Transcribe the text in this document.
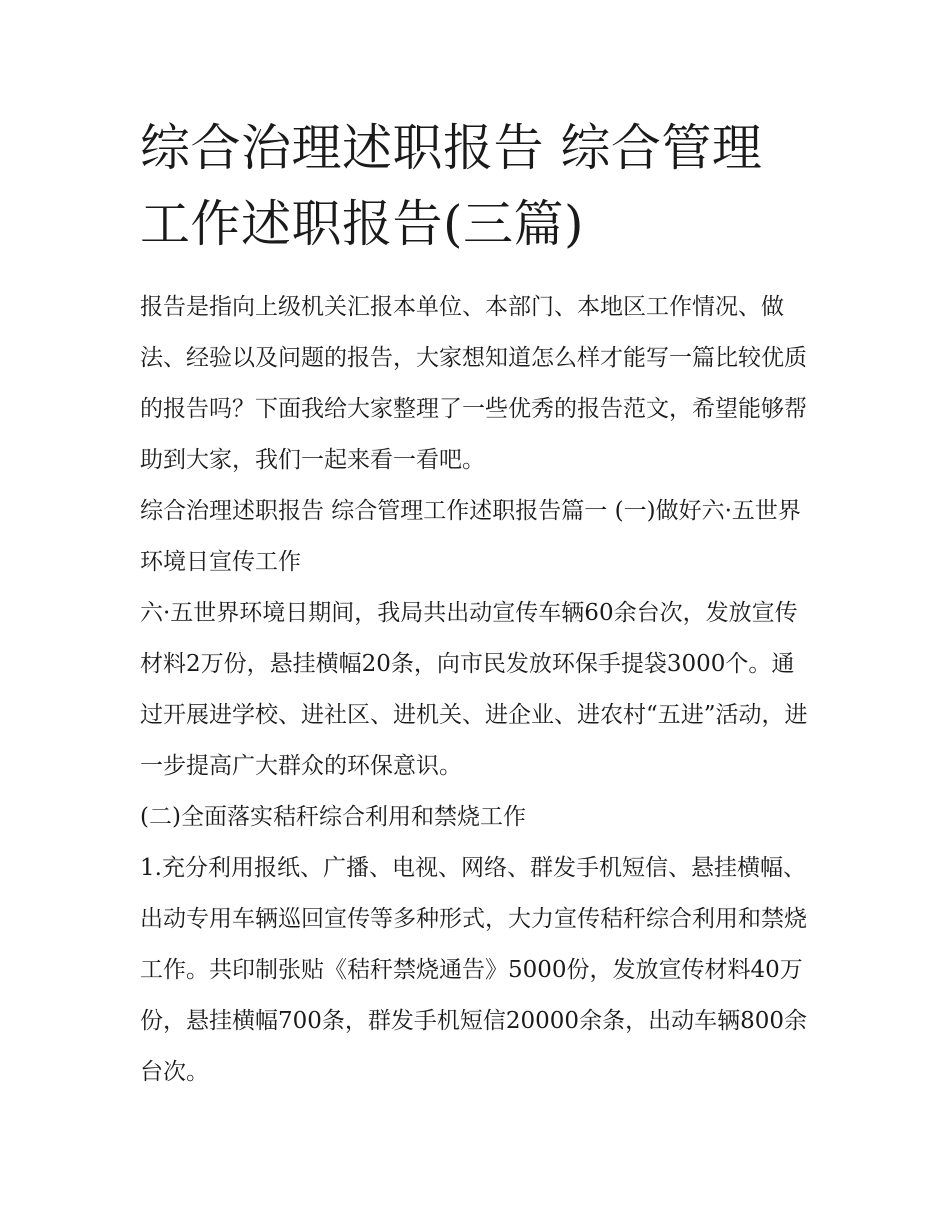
综合治理述职报告 综合管理工作述职报告(三篇)

报告是指向上级机关汇报本单位、本部门、本地区工作情况、做法、经验以及问题的报告，大家想知道怎么样才能写一篇比较优质的报告吗？下面我给大家整理了一些优秀的报告范文，希望能够帮助到大家，我们一起来看一看吧。

综合治理述职报告 综合管理工作述职报告篇一 (一)做好六·五世界环境日宣传工作

六·五世界环境日期间，我局共出动宣传车辆60余台次，发放宣传材料2万份，悬挂横幅20条，向市民发放环保手提袋3000个。通过开展进学校、进社区、进机关、进企业、进农村“五进”活动，进一步提高广大群众的环保意识。

(二)全面落实秸秆综合利用和禁烧工作

1.充分利用报纸、广播、电视、网络、群发手机短信、悬挂横幅、出动专用车辆巡回宣传等多种形式，大力宣传秸秆综合利用和禁烧工作。共印制张贴《秸秆禁烧通告》5000份，发放宣传材料40万份，悬挂横幅700条，群发手机短信20000余条，出动车辆800余台次。
